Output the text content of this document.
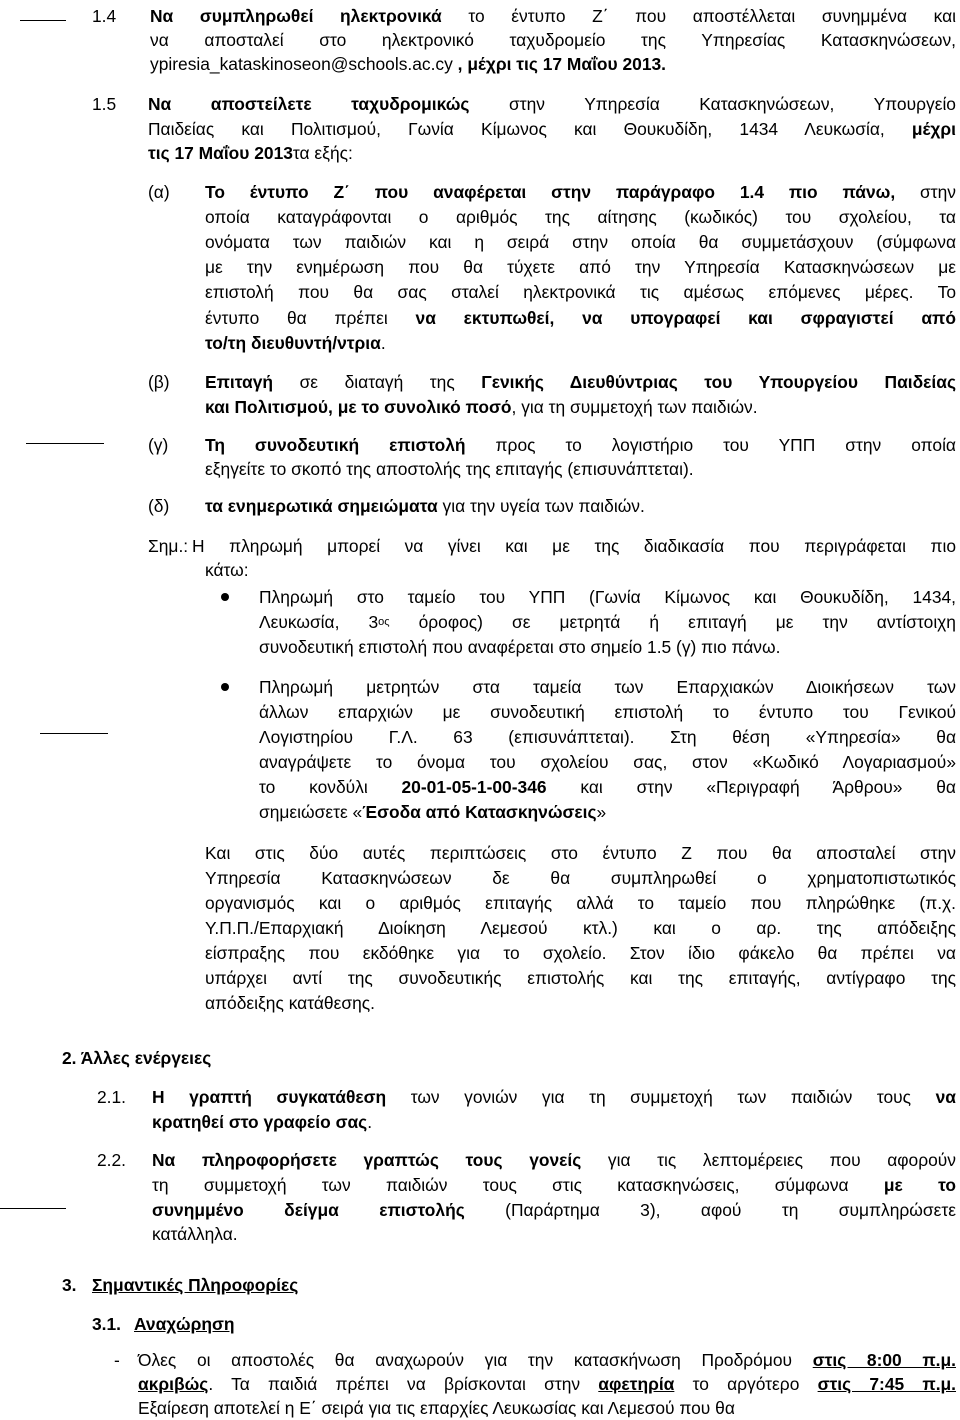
1.4 Να συμπληρωθεί ηλεκτρονικά το έντυπο Ζ΄ που αποστέλλεται συνημμένα και
να αποσταλεί στο ηλεκτρονικό ταχυδρομείο της Υπηρεσίας Κατασκηνώσεων,
ypiresia_kataskinoseon@schools.ac.cy , μέχρι τις 17 Μαΐου 2013.
1.5 Να αποστείλετε ταχυδρομικώς στην Υπηρεσία Κατασκηνώσεων, Υπουργείο
Παιδείας και Πολιτισμού, Γωνία Κίμωνος και Θουκυδίδη, 1434 Λευκωσία, μέχρι
τις 17 Μαΐου 2013τα εξής:
(α) Το έντυπο Ζ΄ που αναφέρεται στην παράγραφο 1.4 πιο πάνω, στην
οποία καταγράφονται ο αριθμός της αίτησης (κωδικός) του σχολείου, τα
ονόματα των παιδιών και η σειρά στην οποία θα συμμετάσχουν (σύμφωνα
με την ενημέρωση που θα τύχετε από την Υπηρεσία Κατασκηνώσεων με
επιστολή που θα σας σταλεί ηλεκτρονικά τις αμέσως επόμενες μέρες. Το
έντυπο θα πρέπει να εκτυπωθεί, να υπογραφεί και σφραγιστεί από
το/τη διευθυντή/ντρια.
(β) Επιταγή σε διαταγή της Γενικής Διευθύντριας του Υπουργείου Παιδείας
και Πολιτισμού, με το συνολικό ποσό, για τη συμμετοχή των παιδιών.
(γ) Τη συνοδευτική επιστολή προς το λογιστήριο του ΥΠΠ στην οποία
εξηγείτε το σκοπό της αποστολής της επιταγής (επισυνάπτεται).
(δ) τα ενημερωτικά σημειώματα για την υγεία των παιδιών.
Σημ.: Η πληρωμή μπορεί να γίνει και με της διαδικασία που περιγράφεται πιο
κάτω:
Πληρωμή στο ταμείο του ΥΠΠ (Γωνία Κίμωνος και Θουκυδίδη, 1434,
Λευκωσία, $3^{o\varsigma}$ όροφος) σε μετρητά ή επιταγή με την αντίστοιχη
συνοδευτική επιστολή που αναφέρεται στο σημείο 1.5 (γ) πιο πάνω.
Πληρωμή μετρητών στα ταμεία των Επαρχιακών Διοικήσεων των
άλλων επαρχιών με συνοδευτική επιστολή το έντυπο του Γενικού
Λογιστηρίου Γ.Λ. 63 (επισυνάπτεται). Στη θέση «Υπηρεσία» θα
αναγράψετε το όνομα του σχολείου σας, στον «Κωδικό Λογαριασμού»
το κονδύλι 20-01-05-1-00-346 και στην «Περιγραφή Άρθρου» θα
σημειώσετε «Έσοδα από Κατασκηνώσεις»
Και στις δύο αυτές περιπτώσεις στο έντυπο Ζ που θα αποσταλεί στην
Υπηρεσία Κατασκηνώσεων δε θα συμπληρωθεί ο χρηματοπιστωτικός
οργανισμός και ο αριθμός επιταγής αλλά το ταμείο που πληρώθηκε (π.χ.
Υ.Π.Π./Επαρχιακή Διοίκηση Λεμεσού κτλ.) και ο αρ. της απόδειξης
είσπραξης που εκδόθηκε για το σχολείο. Στον ίδιο φάκελο θα πρέπει να
υπάρχει αντί της συνοδευτικής επιστολής και της επιταγής, αντίγραφο της
απόδειξης κατάθεσης.
2. Άλλες ενέργειες
2.1. Η γραπτή συγκατάθεση των γονιών για τη συμμετοχή των παιδιών τους να
κρατηθεί στο γραφείο σας.
2.2. Να πληροφορήσετε γραπτώς τους γονείς για τις λεπτομέρειες που αφορούν
τη συμμετοχή των παιδιών τους στις κατασκηνώσεις, σύμφωνα με το
συνημμένο δείγμα επιστολής (Παράρτημα 3), αφού τη συμπληρώσετε
κατάλληλα.
3. Σημαντικές Πληροφορίες
3.1. Αναχώρηση
- Όλες οι αποστολές θα αναχωρούν για την κατασκήνωση Προδρόμου στις 8:00 π.μ.
ακριβώς. Τα παιδιά πρέπει να βρίσκονται στην αφετηρία το αργότερο στις 7:45 π.μ.
Εξαίρεση αποτελεί η Ε΄ σειρά για τις επαρχίες Λευκωσίας και Λεμεσού που θα
